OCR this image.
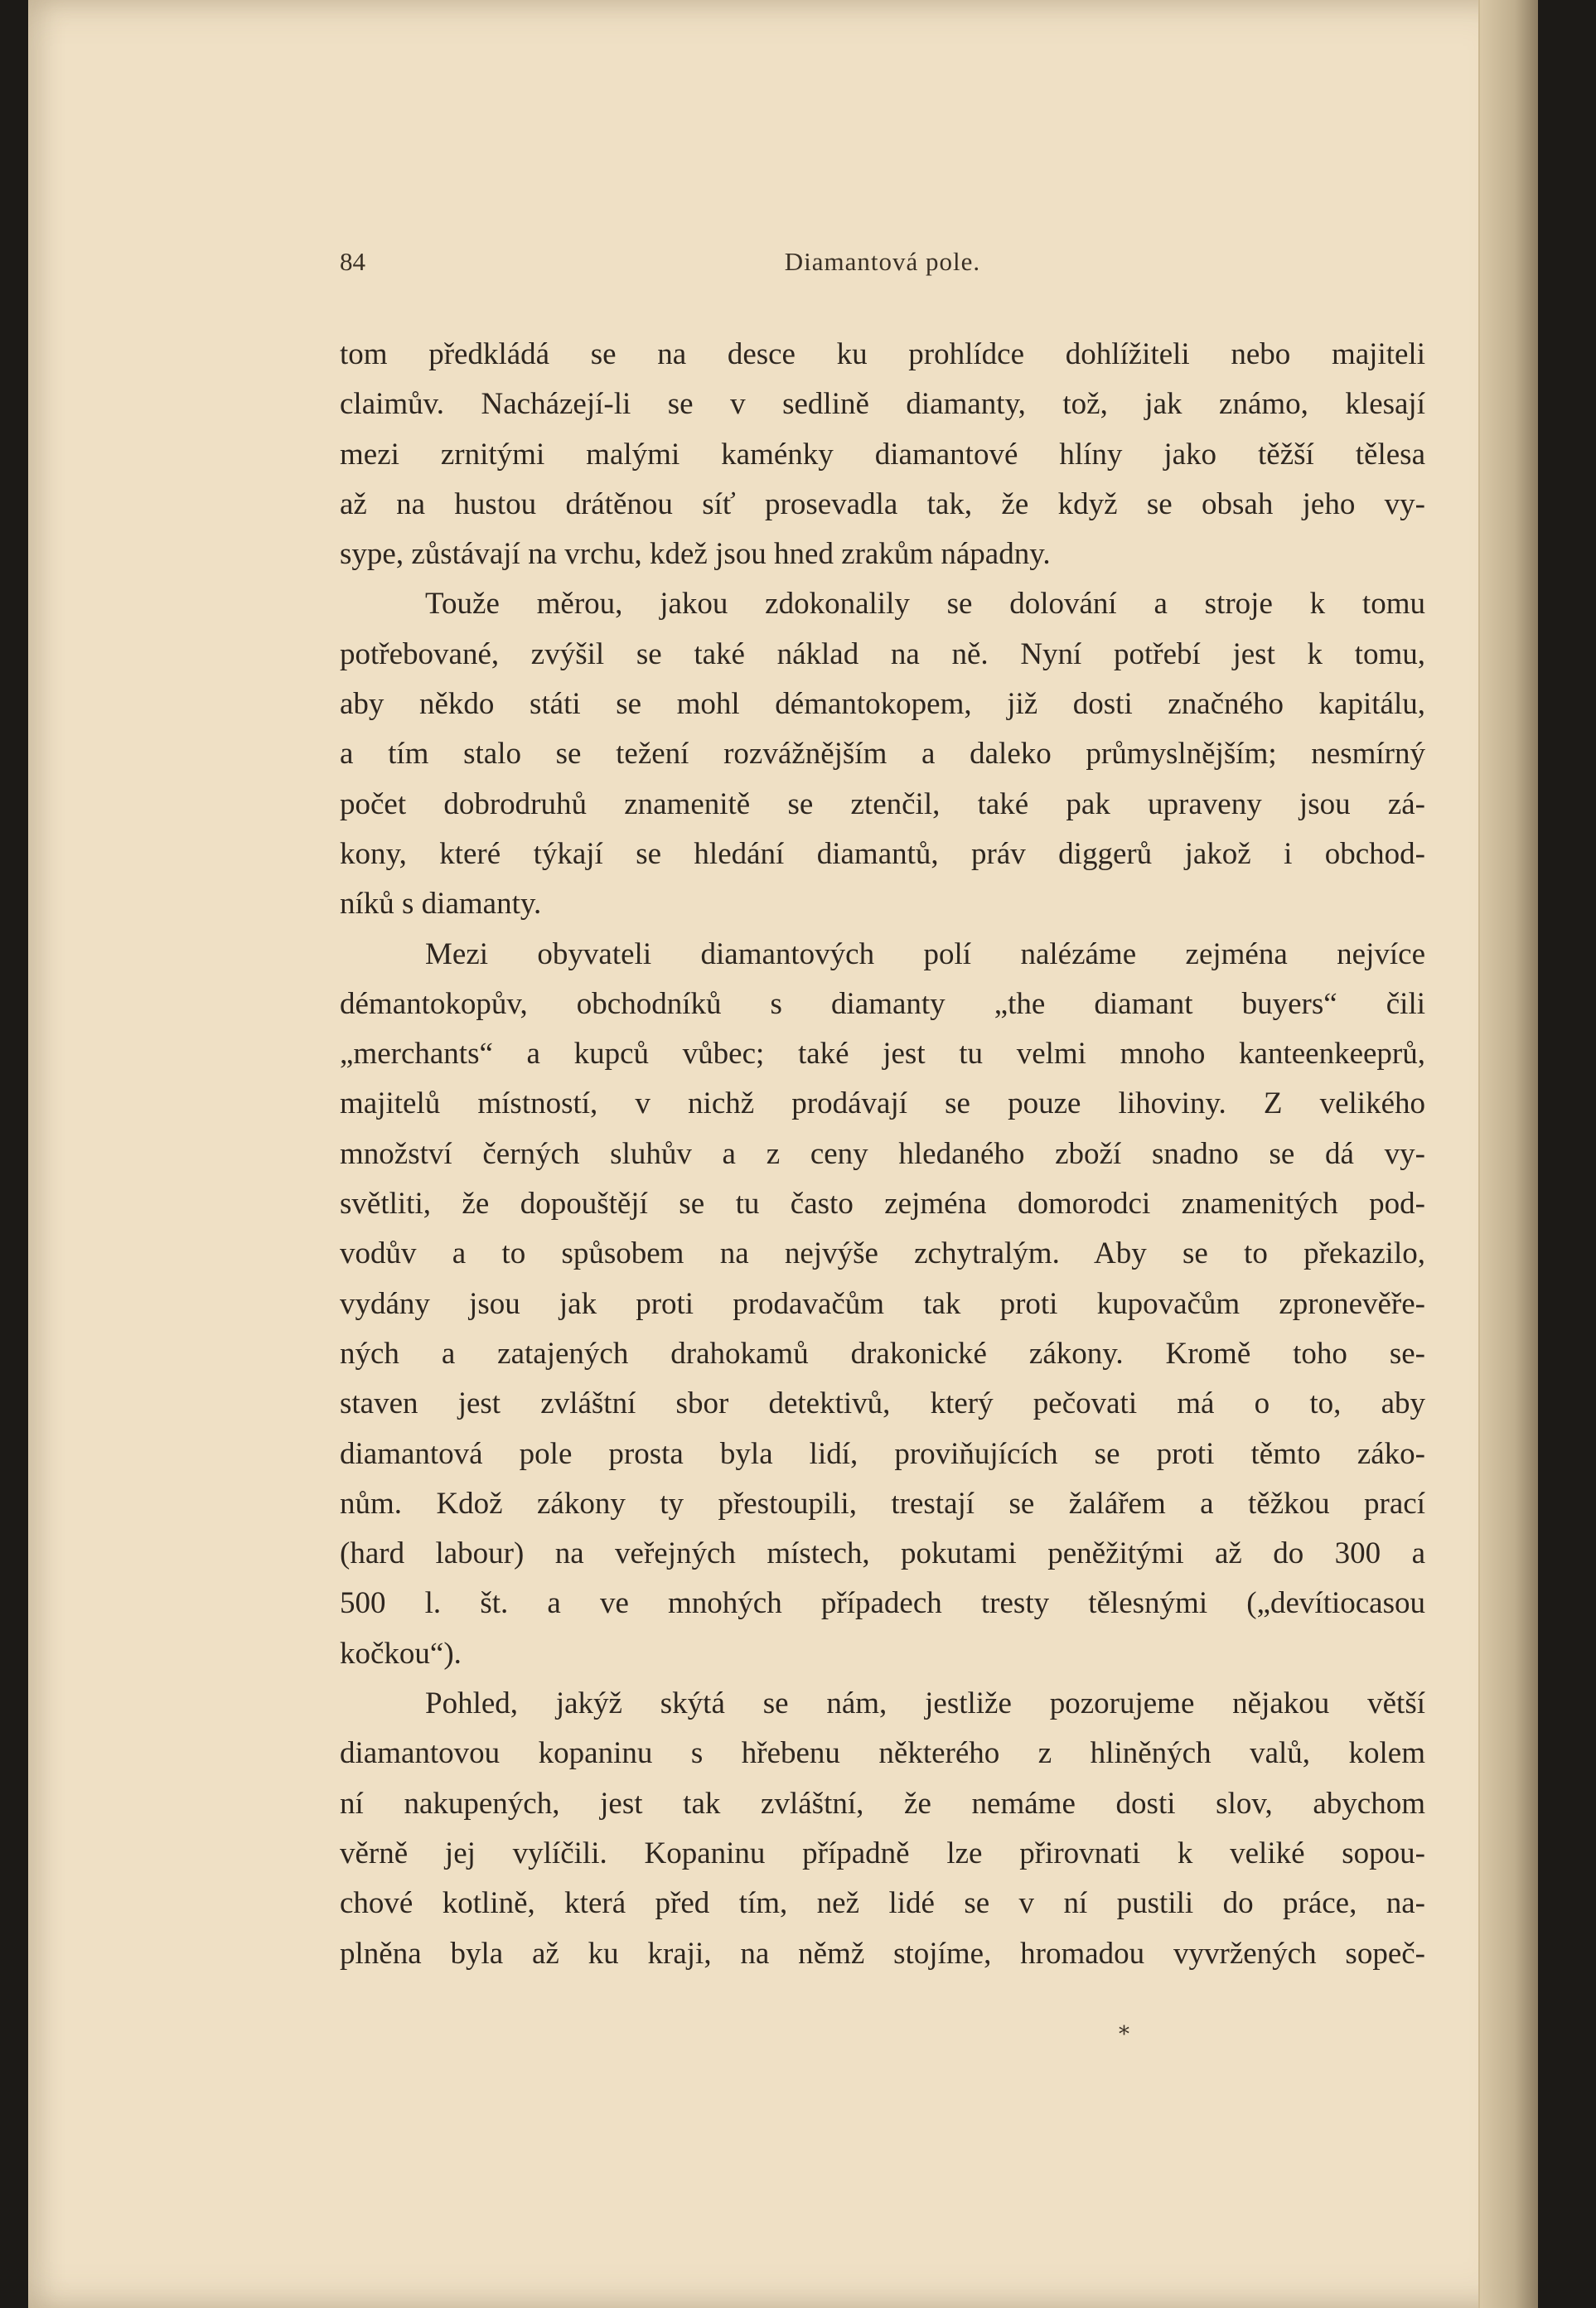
84	Diamantová pole.
tom předkládá se na desce ku prohlídce dohlížiteli nebo majiteli
claimův. Nacházejí-li se v sedlině diamanty, tož, jak známo, klesají
mezi zrnitými malými kaménky diamantové hlíny jako těžší tělesa
až na hustou drátěnou síť prosevadla tak, že když se obsah jeho vy-
sype, zůstávají na vrchu, kdež jsou hned zrakům nápadny.
Touže měrou, jakou zdokonalily se dolování a stroje k tomu
potřebované, zvýšil se také náklad na ně. Nyní potřebí jest k tomu,
aby někdo státi se mohl démantokopem, již dosti značného kapitálu,
a tím stalo se težení rozvážnějším a daleko průmyslnějším; nesmírný
počet dobrodruhů znamenitě se ztenčil, také pak upraveny jsou zá-
kony, které týkají se hledání diamantů, práv diggerů jakož i obchod-
níků s diamanty.
Mezi obyvateli diamantových polí nalézáme zejména nejvíce
démantokopův, obchodníků s diamanty „the diamant buyers“ čili
„merchants“ a kupců vůbec; také jest tu velmi mnoho kanteenkeeprů,
majitelů místností, v nichž prodávají se pouze lihoviny. Z velikého
množství černých sluhův a z ceny hledaného zboží snadno se dá vy-
světliti, že dopouštějí se tu často zejména domorodci znamenitých pod-
vodův a to spůsobem na nejvýše zchytralým. Aby se to překazilo,
vydány jsou jak proti prodavačům tak proti kupovačům zpronevěře-
ných a zatajených drahokamů drakonické zákony. Kromě toho se-
staven jest zvláštní sbor detektivů, který pečovati má o to, aby
diamantová pole prosta byla lidí, proviňujících se proti těmto záko-
nům. Kdož zákony ty přestoupili, trestají se žalářem a těžkou prací
(hard labour) na veřejných místech, pokutami peněžitými až do 300 a
500 l. št. a ve mnohých případech tresty tělesnými („devítiocasou
kočkou“).
Pohled, jakýž skýtá se nám, jestliže pozorujeme nějakou větší
diamantovou kopaninu s hřebenu některého z hliněných valů, kolem
ní nakupených, jest tak zvláštní, že nemáme dosti slov, abychom
věrně jej vylíčili. Kopaninu případně lze přirovnati k veliké sopou-
chové kotlině, která před tím, než lidé se v ní pustili do práce, na-
plněna byla až ku kraji, na němž stojíme, hromadou vyvržených sopeč-
⁎
